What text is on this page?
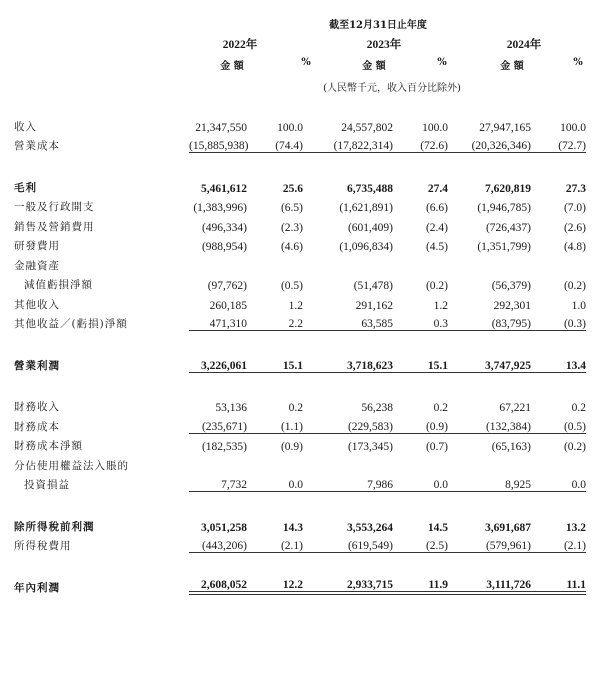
截至12月31日止年度
2022年	2023年	2024年
金 額	%	金 額	%	金 額	%
(人民幣千元，收入百分比除外)
收入	21,347,550	100.0	24,557,802	100.0	27,947,165	100.0

營業成本	(15,885,938)	(74.4)	(17,822,314)	(72.6)	(20,326,346)	(72.7)

毛利	5,461,612	25.6	6,735,488	27.4	7,620,819	27.3

一般及行政開支	(1,383,996)	(6.5)	(1,621,891)	(6.6)	(1,946,785)	(7.0)

銷售及營銷費用	(496,334)	(2.3)	(601,409)	(2.4)	(726,437)	(2.6)

研發費用	(988,954)	(4.6)	(1,096,834)	(4.5)	(1,351,799)	(4.8)

金融資產	

減值虧損淨額	(97,762)	(0.5)	(51,478)	(0.2)	(56,379)	(0.2)

其他收入	260,185	1.2	291,162	1.2	292,301	1.0

其他收益／(虧損)淨額	471,310	2.2	63,585	0.3	(83,795)	(0.3)

營業利潤	3,226,061	15.1	3,718,623	15.1	3,747,925	13.4

財務收入	53,136	0.2	56,238	0.2	67,221	0.2

財務成本	(235,671)	(1.1)	(229,583)	(0.9)	(132,384)	(0.5)

財務成本淨額	(182,535)	(0.9)	(173,345)	(0.7)	(65,163)	(0.2)

分佔使用權益法入賬的	

投資損益	7,732	0.0	7,986	0.0	8,925	0.0

除所得稅前利潤	3,051,258	14.3	3,553,264	14.5	3,691,687	13.2

所得稅費用	(443,206)	(2.1)	(619,549)	(2.5)	(579,961)	(2.1)

年內利潤	2,608,052	12.2	2,933,715	11.9	3,111,726	11.1
